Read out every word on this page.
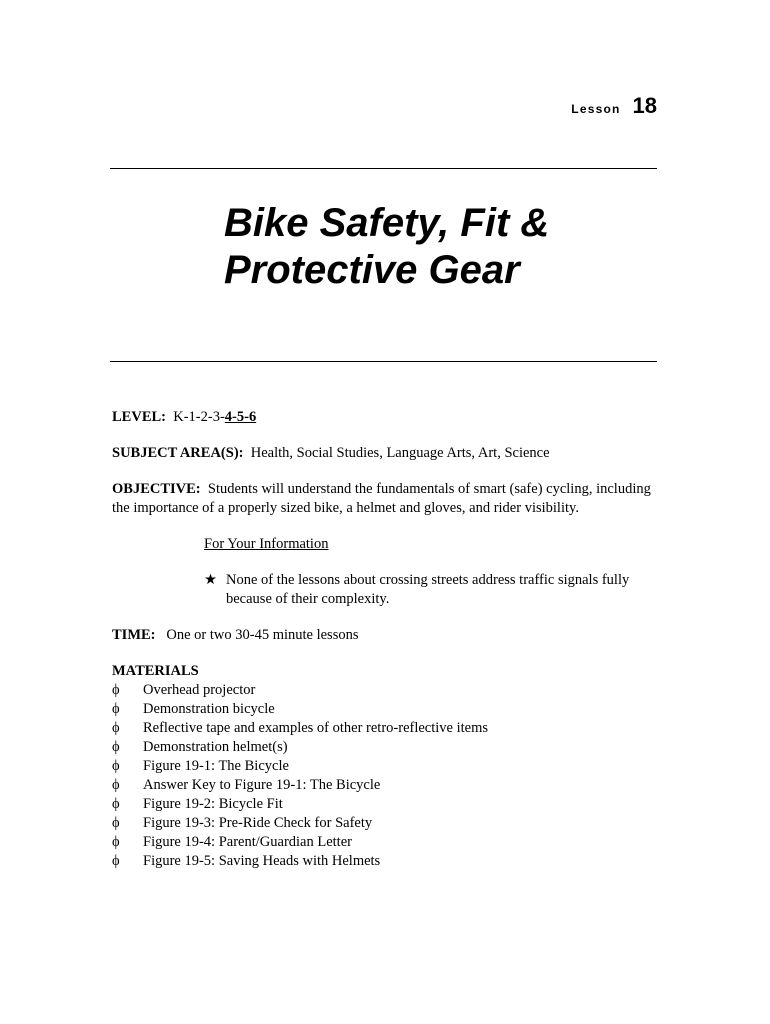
Lesson 18
Bike Safety, Fit &
Protective Gear

LEVEL: K-1-2-3-4-5-6

SUBJECT AREA(S): Health, Social Studies, Language Arts, Art, Science

OBJECTIVE: Students will understand the fundamentals of smart (safe) cycling, including the importance of a properly sized bike, a helmet and gloves, and rider visibility.

For Your Information

★ None of the lessons about crossing streets address traffic signals fully because of their complexity.

TIME: One or two 30-45 minute lessons

MATERIALS

ϕ	Overhead projector
ϕ	Demonstration bicycle
ϕ	Reflective tape and examples of other retro-reflective items
ϕ	Demonstration helmet(s)
ϕ	Figure 19-1: The Bicycle
ϕ	Answer Key to Figure 19-1: The Bicycle
ϕ	Figure 19-2: Bicycle Fit
ϕ	Figure 19-3: Pre-Ride Check for Safety
ϕ	Figure 19-4: Parent/Guardian Letter
ϕ	Figure 19-5: Saving Heads with Helmets
